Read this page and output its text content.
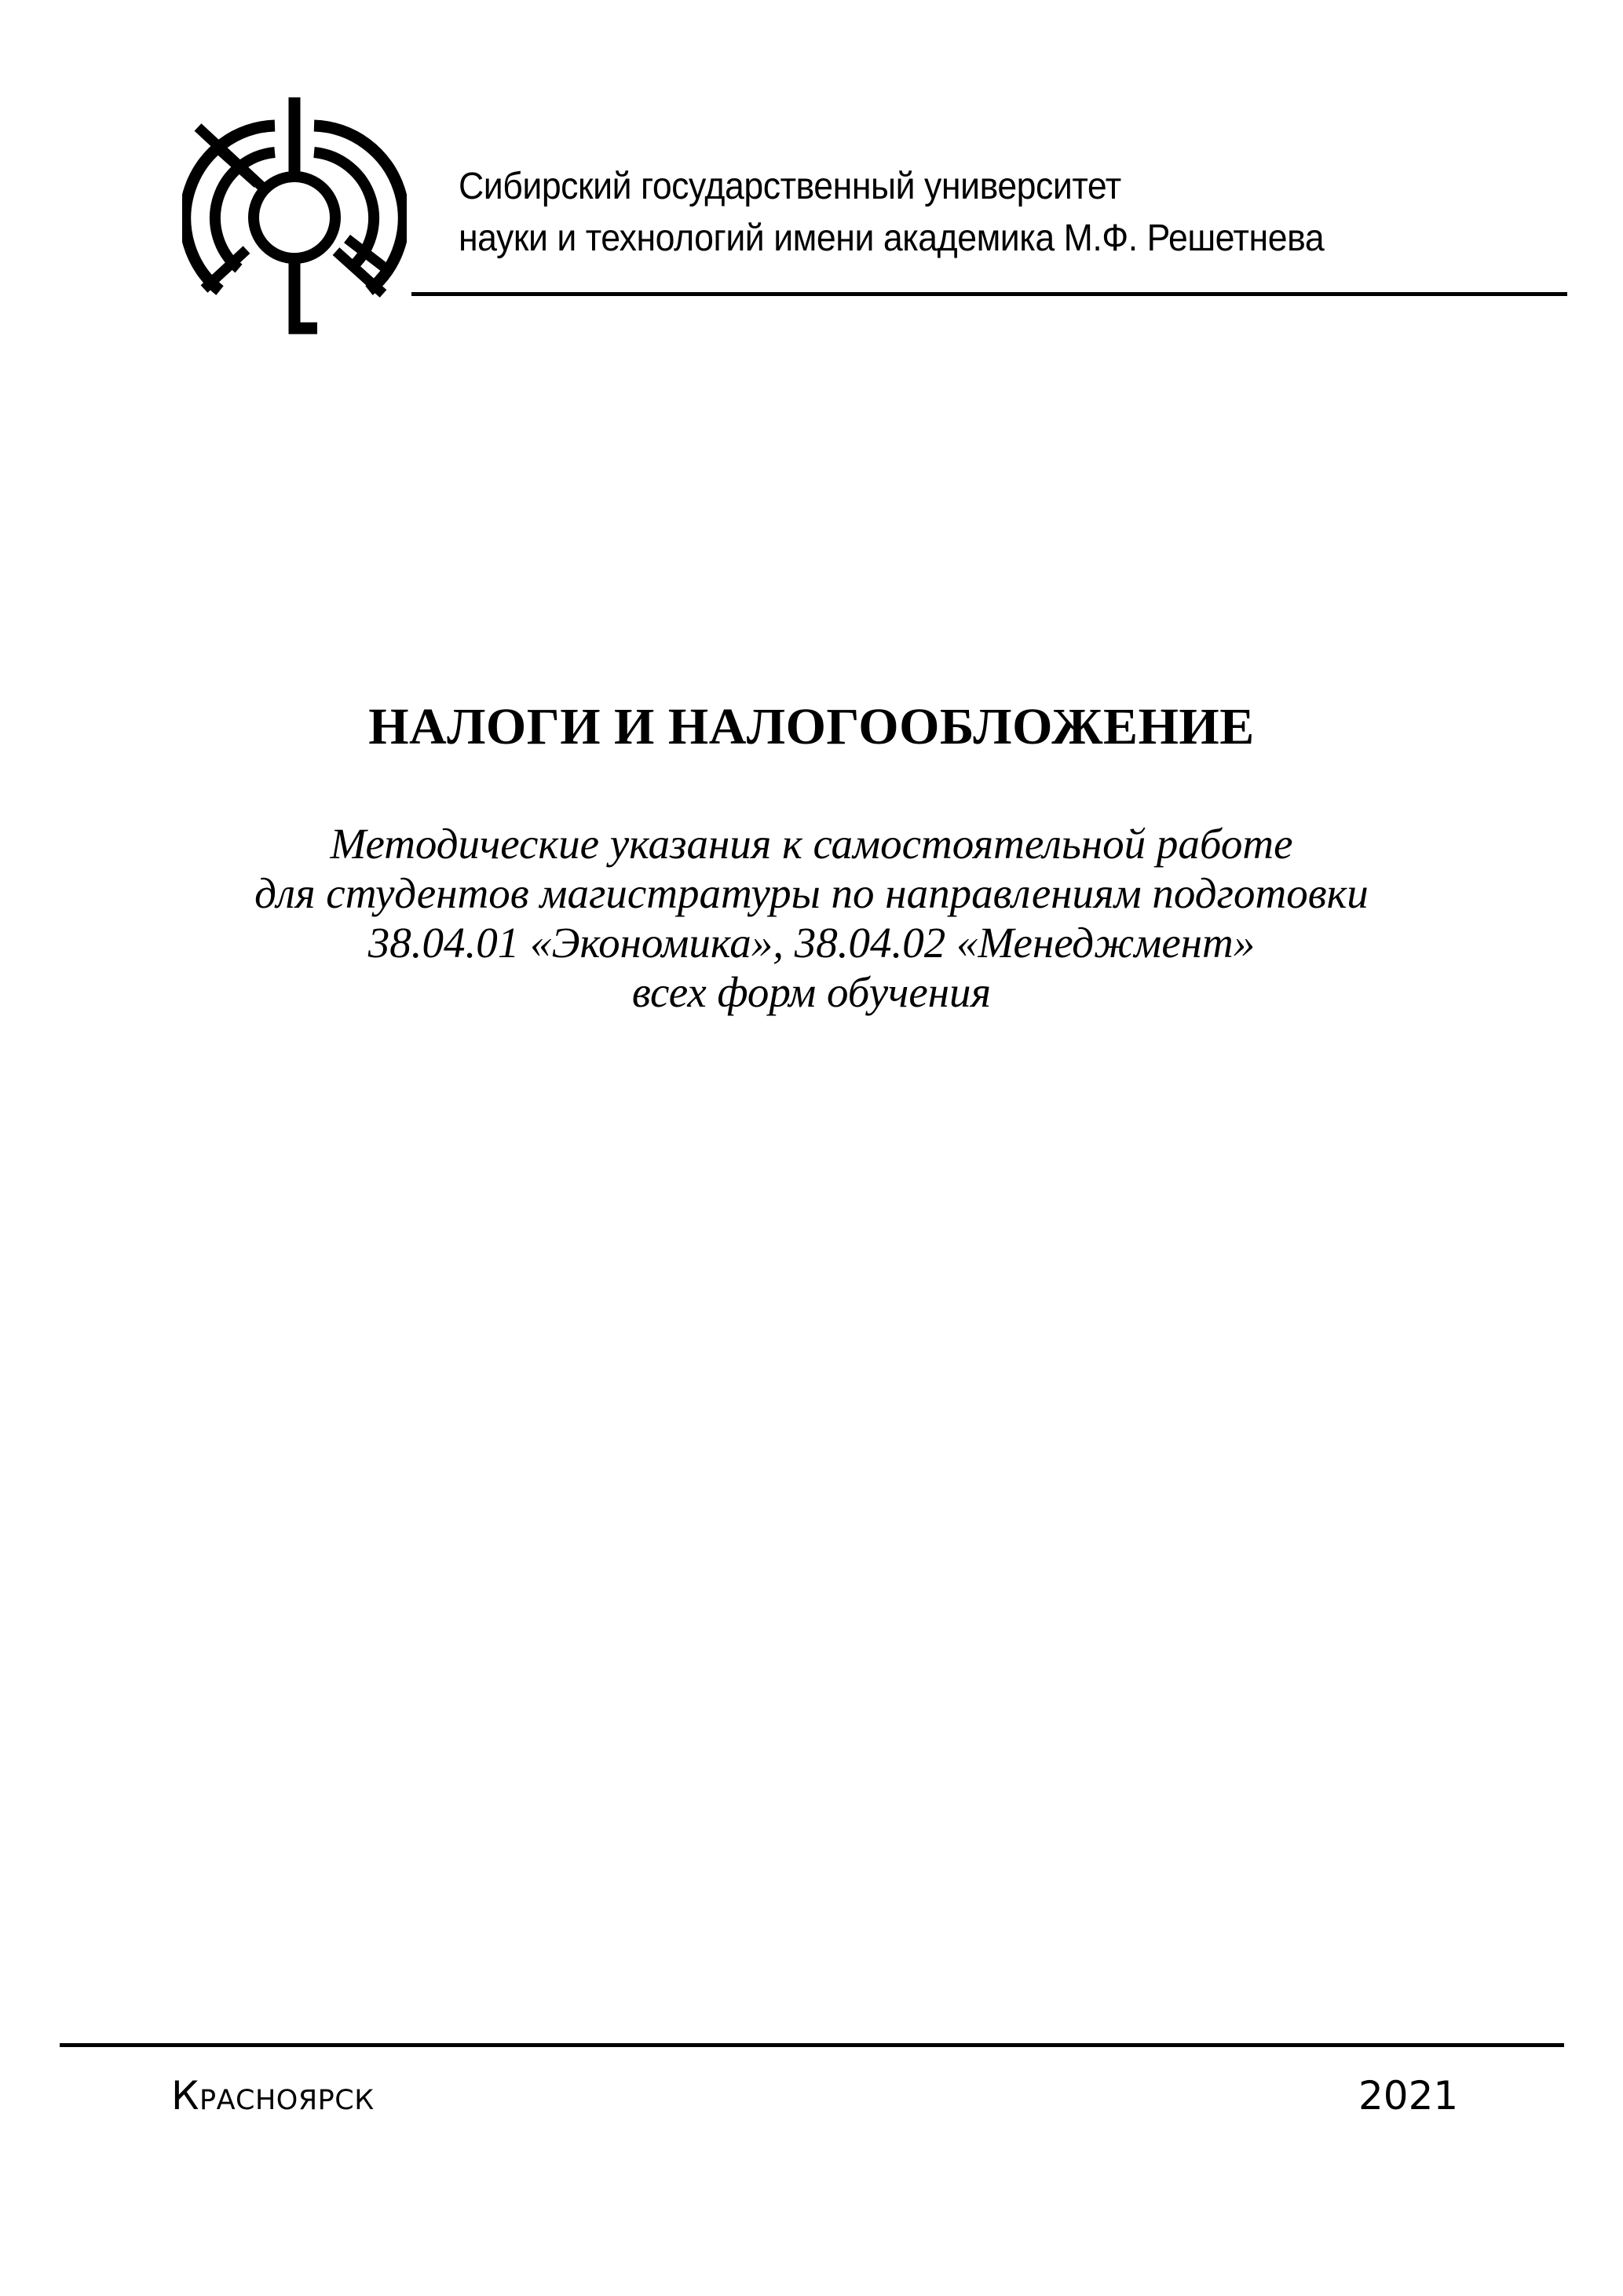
Сибирский государственный университет
науки и технологий имени академика М.Ф. Решетнева
НАЛОГИ И НАЛОГООБЛОЖЕНИЕ
Методические указания к самостоятельной работе
для студентов магистратуры по направлениям подготовки
38.04.01 «Экономика», 38.04.02 «Менеджмент»
всех форм обучения
Красноярск	2021
